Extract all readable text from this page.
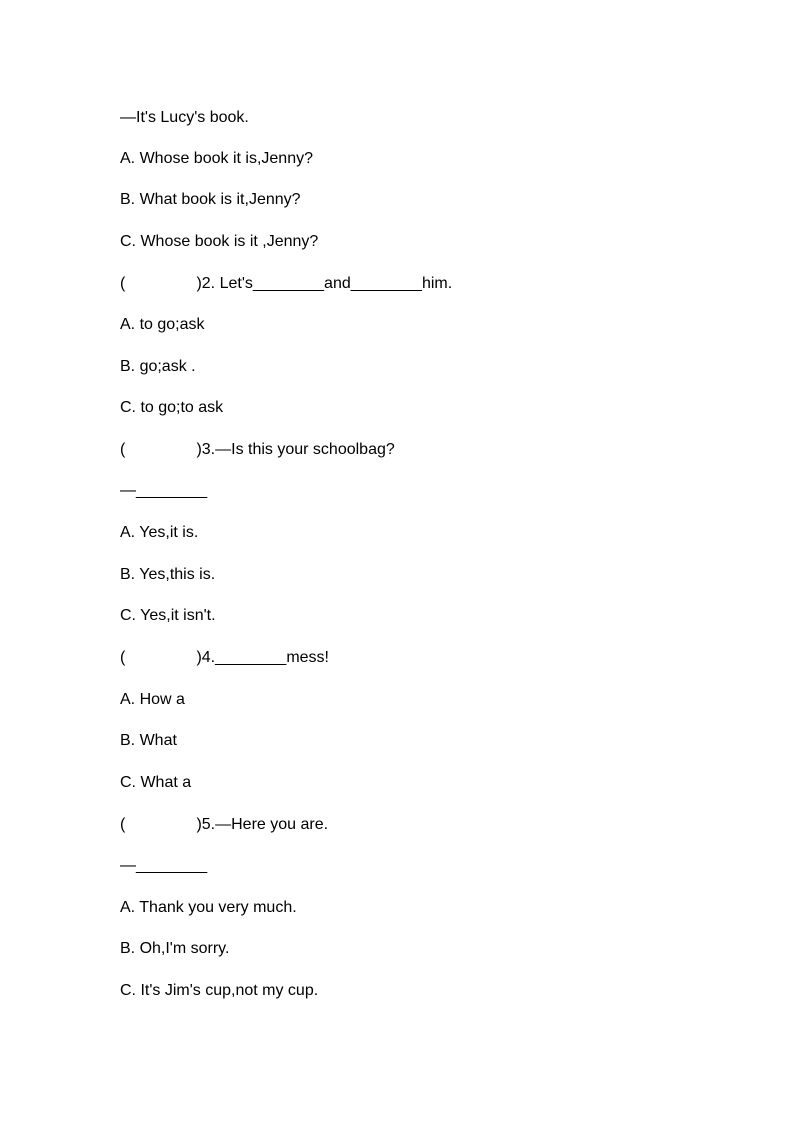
—It's Lucy's book.
A. Whose book it is,Jenny?
B. What book is it,Jenny?
C. Whose book is it ,Jenny?
(                )2. Let's________and________him.
A. to go;ask
B. go;ask .
C. to go;to ask
(                )3.—Is this your schoolbag?
—________
A. Yes,it is.
B. Yes,this is.
C. Yes,it isn't.
(                )4.________mess!
A. How a
B. What
C. What a
(                )5.—Here you are.
—________
A. Thank you very much.
B. Oh,I'm sorry.
C. It's Jim's cup,not my cup.
